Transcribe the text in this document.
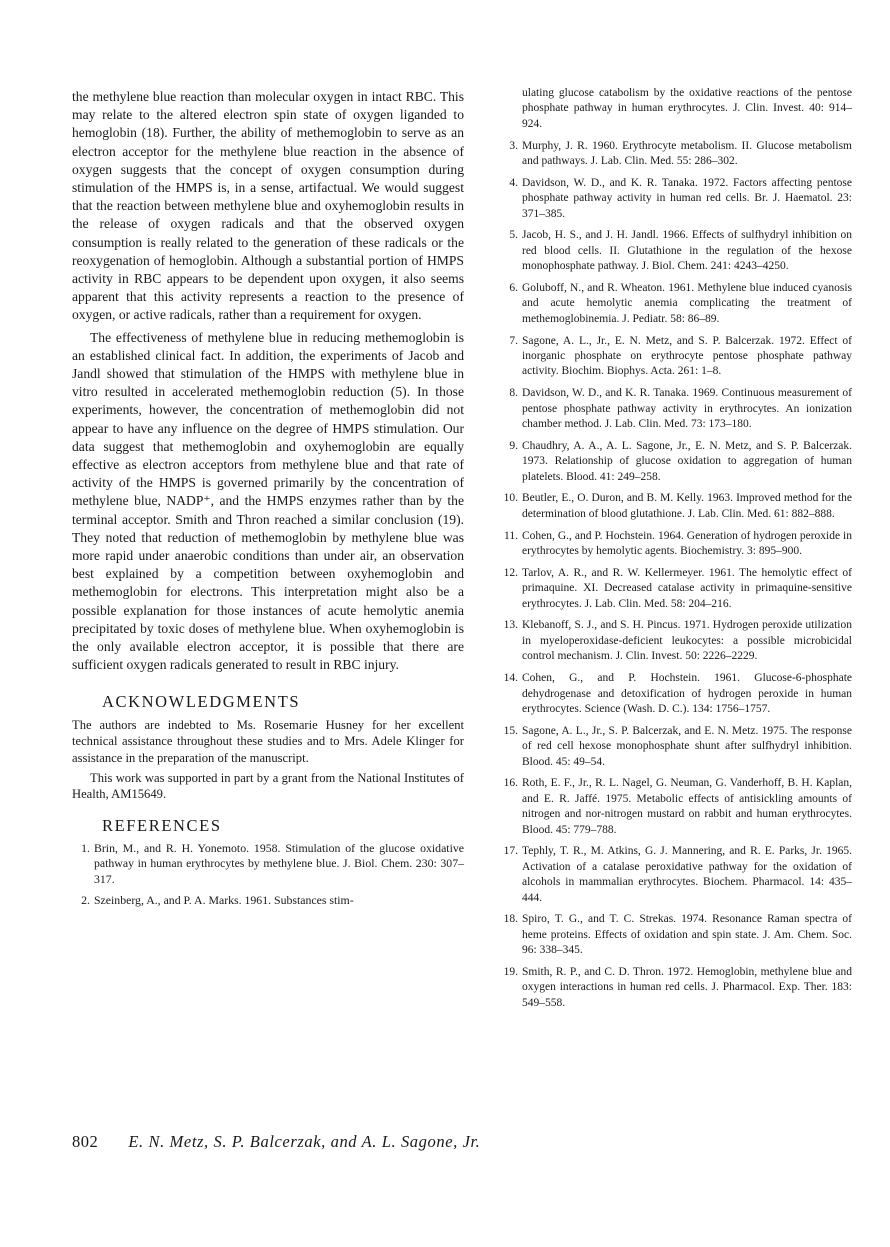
the methylene blue reaction than molecular oxygen in intact RBC. This may relate to the altered electron spin state of oxygen liganded to hemoglobin (18). Further, the ability of methemoglobin to serve as an electron acceptor for the methylene blue reaction in the absence of oxygen suggests that the concept of oxygen consumption during stimulation of the HMPS is, in a sense, artifactual. We would suggest that the reaction between methylene blue and oxyhemoglobin results in the release of oxygen radicals and that the observed oxygen consumption is really related to the generation of these radicals or the reoxygenation of hemoglobin. Although a substantial portion of HMPS activity in RBC appears to be dependent upon oxygen, it also seems apparent that this activity represents a reaction to the presence of oxygen, or active radicals, rather than a requirement for oxygen.

The effectiveness of methylene blue in reducing methemoglobin is an established clinical fact. In addition, the experiments of Jacob and Jandl showed that stimulation of the HMPS with methylene blue in vitro resulted in accelerated methemoglobin reduction (5). In those experiments, however, the concentration of methemoglobin did not appear to have any influence on the degree of HMPS stimulation. Our data suggest that methemoglobin and oxyhemoglobin are equally effective as electron acceptors from methylene blue and that rate of activity of the HMPS is governed primarily by the concentration of methylene blue, NADP⁺, and the HMPS enzymes rather than by the terminal acceptor. Smith and Thron reached a similar conclusion (19). They noted that reduction of methemoglobin by methylene blue was more rapid under anaerobic conditions than under air, an observation best explained by a competition between oxyhemoglobin and methemoglobin for electrons. This interpretation might also be a possible explanation for those instances of acute hemolytic anemia precipitated by toxic doses of methylene blue. When oxyhemoglobin is the only available electron acceptor, it is possible that there are sufficient oxygen radicals generated to result in RBC injury.

ACKNOWLEDGMENTS

The authors are indebted to Ms. Rosemarie Husney for her excellent technical assistance throughout these studies and to Mrs. Adele Klinger for assistance in the preparation of the manuscript.

This work was supported in part by a grant from the National Institutes of Health, AM15649.

REFERENCES
1. Brin, M., and R. H. Yonemoto. 1958. Stimulation of the glucose oxidative pathway in human erythrocytes by methylene blue. J. Biol. Chem. 230: 307–317.
2. Szeinberg, A., and P. A. Marks. 1961. Substances stim-
ulating glucose catabolism by the oxidative reactions of the pentose phosphate pathway in human erythrocytes. J. Clin. Invest. 40: 914–924.
3. Murphy, J. R. 1960. Erythrocyte metabolism. II. Glucose metabolism and pathways. J. Lab. Clin. Med. 55: 286–302.
4. Davidson, W. D., and K. R. Tanaka. 1972. Factors affecting pentose phosphate pathway activity in human red cells. Br. J. Haematol. 23: 371–385.
5. Jacob, H. S., and J. H. Jandl. 1966. Effects of sulfhydryl inhibition on red blood cells. II. Glutathione in the regulation of the hexose monophosphate pathway. J. Biol. Chem. 241: 4243–4250.
6. Goluboff, N., and R. Wheaton. 1961. Methylene blue induced cyanosis and acute hemolytic anemia complicating the treatment of methemoglobinemia. J. Pediatr. 58: 86–89.
7. Sagone, A. L., Jr., E. N. Metz, and S. P. Balcerzak. 1972. Effect of inorganic phosphate on erythrocyte pentose phosphate pathway activity. Biochim. Biophys. Acta. 261: 1–8.
8. Davidson, W. D., and K. R. Tanaka. 1969. Continuous measurement of pentose phosphate pathway activity in erythrocytes. An ionization chamber method. J. Lab. Clin. Med. 73: 173–180.
9. Chaudhry, A. A., A. L. Sagone, Jr., E. N. Metz, and S. P. Balcerzak. 1973. Relationship of glucose oxidation to aggregation of human platelets. Blood. 41: 249–258.
10. Beutler, E., O. Duron, and B. M. Kelly. 1963. Improved method for the determination of blood glutathione. J. Lab. Clin. Med. 61: 882–888.
11. Cohen, G., and P. Hochstein. 1964. Generation of hydrogen peroxide in erythrocytes by hemolytic agents. Biochemistry. 3: 895–900.
12. Tarlov, A. R., and R. W. Kellermeyer. 1961. The hemolytic effect of primaquine. XI. Decreased catalase activity in primaquine-sensitive erythrocytes. J. Lab. Clin. Med. 58: 204–216.
13. Klebanoff, S. J., and S. H. Pincus. 1971. Hydrogen peroxide utilization in myeloperoxidase-deficient leukocytes: a possible microbicidal control mechanism. J. Clin. Invest. 50: 2226–2229.
14. Cohen, G., and P. Hochstein. 1961. Glucose-6-phosphate dehydrogenase and detoxification of hydrogen peroxide in human erythrocytes. Science (Wash. D. C.). 134: 1756–1757.
15. Sagone, A. L., Jr., S. P. Balcerzak, and E. N. Metz. 1975. The response of red cell hexose monophosphate shunt after sulfhydryl inhibition. Blood. 45: 49–54.
16. Roth, E. F., Jr., R. L. Nagel, G. Neuman, G. Vanderhoff, B. H. Kaplan, and E. R. Jaffé. 1975. Metabolic effects of antisickling amounts of nitrogen and nor-nitrogen mustard on rabbit and human erythrocytes. Blood. 45: 779–788.
17. Tephly, T. R., M. Atkins, G. J. Mannering, and R. E. Parks, Jr. 1965. Activation of a catalase peroxidative pathway for the oxidation of alcohols in mammalian erythrocytes. Biochem. Pharmacol. 14: 435–444.
18. Spiro, T. G., and T. C. Strekas. 1974. Resonance Raman spectra of heme proteins. Effects of oxidation and spin state. J. Am. Chem. Soc. 96: 338–345.
19. Smith, R. P., and C. D. Thron. 1972. Hemoglobin, methylene blue and oxygen interactions in human red cells. J. Pharmacol. Exp. Ther. 183: 549–558.
802 E. N. Metz, S. P. Balcerzak, and A. L. Sagone, Jr.
